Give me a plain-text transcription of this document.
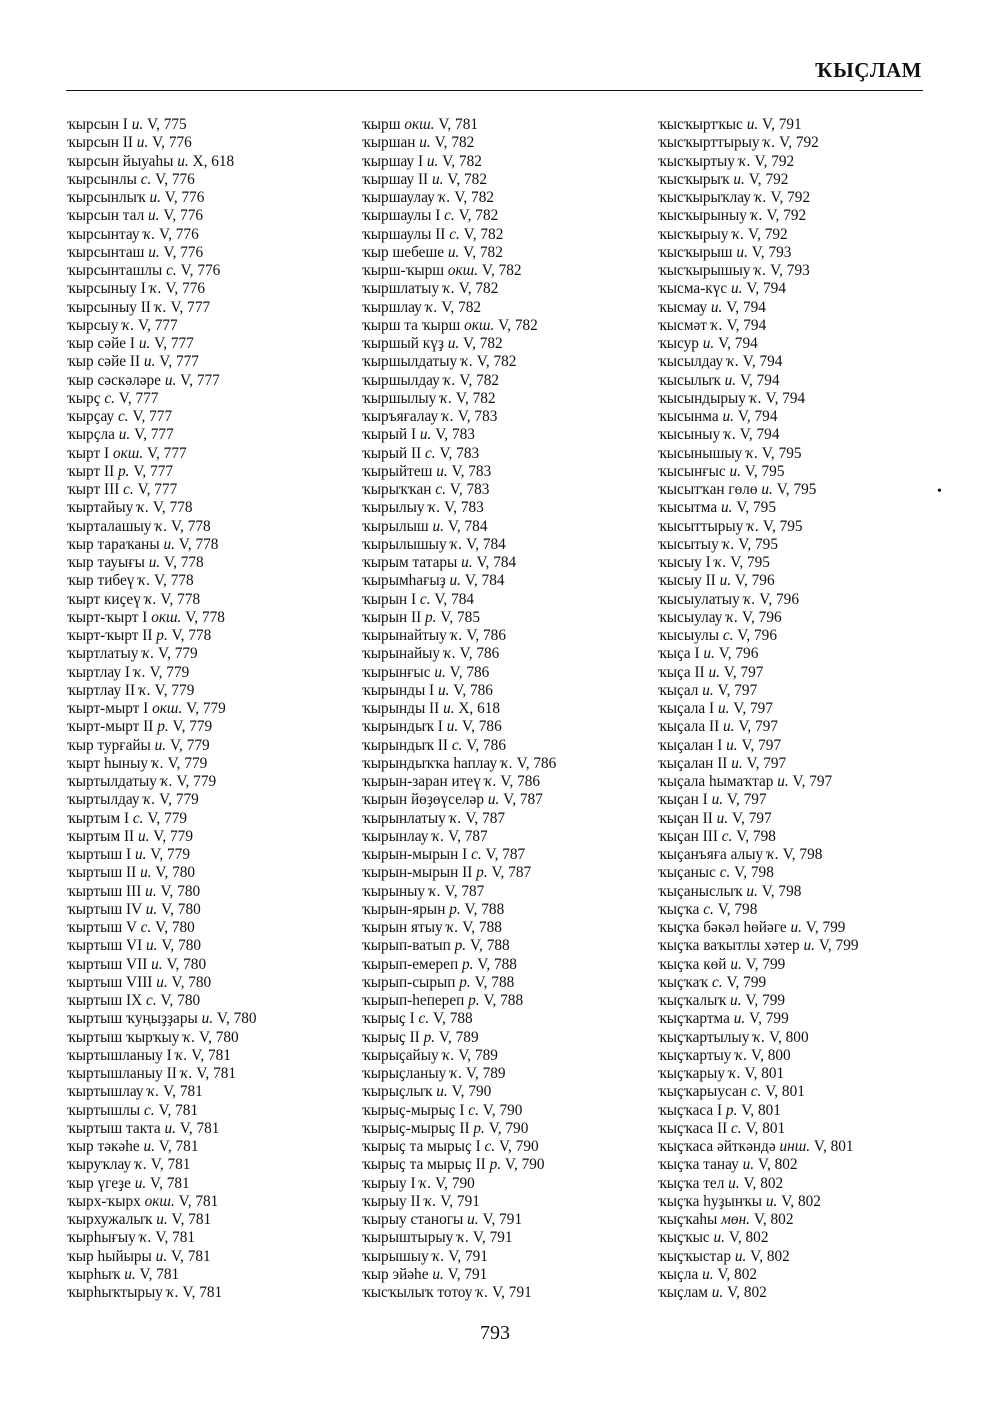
ҠЫҪЛАМ
ҡырсын I и. V, 775
ҡырсын II и. V, 776
ҡырсын йыуаһы и. X, 618
ҡырсынлы с. V, 776
ҡырсынлыҡ и. V, 776
ҡырсын тал и. V, 776
ҡырсынтау ҡ. V, 776
ҡырсынташ и. V, 776
ҡырсынташлы с. V, 776
ҡырсыныу I ҡ. V, 776
ҡырсыныу II ҡ. V, 777
ҡырсыу ҡ. V, 777
ҡыр сәйе I и. V, 777
ҡыр сәйе II и. V, 777
ҡыр сәскәләре и. V, 777
ҡырҫ с. V, 777
ҡырҫау с. V, 777
ҡырҫла и. V, 777
ҡырт I окш. V, 777
ҡырт II р. V, 777
ҡырт III с. V, 777
ҡыртайыу ҡ. V, 778
ҡырталашыу ҡ. V, 778
ҡыр тараҡаны и. V, 778
ҡыр тауығы и. V, 778
ҡыр тибеү ҡ. V, 778
ҡырт киҫеү ҡ. V, 778
ҡырт-ҡырт I окш. V, 778
ҡырт-ҡырт II р. V, 778
ҡыртлатыу ҡ. V, 779
ҡыртлау I ҡ. V, 779
ҡыртлау II ҡ. V, 779
ҡырт-мырт I окш. V, 779
ҡырт-мырт II р. V, 779
ҡыр турғайы и. V, 779
ҡырт һыныу ҡ. V, 779
ҡыртылдатыу ҡ. V, 779
ҡыртылдау ҡ. V, 779
ҡыртым I с. V, 779
ҡыртым II и. V, 779
ҡыртыш I и. V, 779
ҡыртыш II и. V, 780
ҡыртыш III и. V, 780
ҡыртыш IV и. V, 780
ҡыртыш V с. V, 780
ҡыртыш VI и. V, 780
ҡыртыш VII и. V, 780
ҡыртыш VIII и. V, 780
ҡыртыш IX с. V, 780
ҡыртыш ҡуңыҙҙары и. V, 780
ҡыртыш ҡырҡыу ҡ. V, 780
ҡыртышланыу I ҡ. V, 781
ҡыртышланыу II ҡ. V, 781
ҡыртышлау ҡ. V, 781
ҡыртышлы с. V, 781
ҡыртыш такта и. V, 781
ҡыр тәкәһе и. V, 781
ҡыруҡлау ҡ. V, 781
ҡыр үгеҙе и. V, 781
ҡырх-ҡырх окш. V, 781
ҡырхужалыҡ и. V, 781
ҡырһығыу ҡ. V, 781
ҡыр һыйыры и. V, 781
ҡырһыҡ и. V, 781
ҡырһыҡтырыу ҡ. V, 781
ҡырш окш. V, 781
ҡыршан и. V, 782
ҡыршау I и. V, 782
ҡыршау II и. V, 782
ҡыршаулау ҡ. V, 782
ҡыршаулы I с. V, 782
ҡыршаулы II с. V, 782
ҡыр шебеше и. V, 782
ҡырш-ҡырш окш. V, 782
ҡыршлатыу ҡ. V, 782
ҡыршлау ҡ. V, 782
ҡырш та ҡырш окш. V, 782
ҡыршый күҙ и. V, 782
ҡыршылдатыу ҡ. V, 782
ҡыршылдау ҡ. V, 782
ҡыршылыу ҡ. V, 782
ҡыръяғалау ҡ. V, 783
ҡырый I и. V, 783
ҡырый II с. V, 783
ҡырыйтеш и. V, 783
ҡырыҡҡан с. V, 783
ҡырылыу ҡ. V, 783
ҡырылыш и. V, 784
ҡырылышыу ҡ. V, 784
ҡырым татары и. V, 784
ҡырымһағыҙ и. V, 784
ҡырын I с. V, 784
ҡырын II р. V, 785
ҡырынайтыу ҡ. V, 786
ҡырынайыу ҡ. V, 786
ҡырынғыс и. V, 786
ҡырынды I и. V, 786
ҡырынды II и. X, 618
ҡырындыҡ I и. V, 786
ҡырындыҡ II с. V, 786
ҡырындыҡҡа һаплау ҡ. V, 786
ҡырын-заран итеү ҡ. V, 786
ҡырын йөҙөүселәр и. V, 787
ҡырынлатыу ҡ. V, 787
ҡырынлау ҡ. V, 787
ҡырын-мырын I с. V, 787
ҡырын-мырын II р. V, 787
ҡырыныу ҡ. V, 787
ҡырын-ярын р. V, 788
ҡырын ятыу ҡ. V, 788
ҡырып-ватып р. V, 788
ҡырып-емереп р. V, 788
ҡырып-сырып р. V, 788
ҡырып-һепереп р. V, 788
ҡырыҫ I с. V, 788
ҡырыҫ II р. V, 789
ҡырыҫайыу ҡ. V, 789
ҡырыҫланыу ҡ. V, 789
ҡырыҫлыҡ и. V, 790
ҡырыҫ-мырыҫ I с. V, 790
ҡырыҫ-мырыҫ II р. V, 790
ҡырыҫ та мырыҫ I с. V, 790
ҡырыҫ та мырыҫ II р. V, 790
ҡырыу I ҡ. V, 790
ҡырыу II ҡ. V, 791
ҡырыу станогы и. V, 791
ҡырыштырыу ҡ. V, 791
ҡырышыу ҡ. V, 791
ҡыр эйәһе и. V, 791
ҡысҡылыҡ тотоу ҡ. V, 791
ҡысҡыртҡыс и. V, 791
ҡысҡырттырыу ҡ. V, 792
ҡысҡыртыу ҡ. V, 792
ҡысҡырыҡ и. V, 792
ҡысҡырыҡлау ҡ. V, 792
ҡысҡырыныу ҡ. V, 792
ҡысҡырыу ҡ. V, 792
ҡысҡырыш и. V, 793
ҡысҡырышыу ҡ. V, 793
ҡысма-күс и. V, 794
ҡысмау и. V, 794
ҡысмәт ҡ. V, 794
ҡысур и. V, 794
ҡысылдау ҡ. V, 794
ҡысылыҡ и. V, 794
ҡысындырыу ҡ. V, 794
ҡысынма и. V, 794
ҡысыныу ҡ. V, 794
ҡысынышыу ҡ. V, 795
ҡысынғыс и. V, 795
ҡысытҡан гөлө и. V, 795
ҡысытма и. V, 795
ҡысыттырыу ҡ. V, 795
ҡысытыу ҡ. V, 795
ҡысыу I ҡ. V, 795
ҡысыу II и. V, 796
ҡысыулатыу ҡ. V, 796
ҡысыулау ҡ. V, 796
ҡысыулы с. V, 796
ҡыҫа I и. V, 796
ҡыҫа II и. V, 797
ҡыҫал и. V, 797
ҡыҫала I и. V, 797
ҡыҫала II и. V, 797
ҡыҫалан I и. V, 797
ҡыҫалан II и. V, 797
ҡыҫала һымаҡтар и. V, 797
ҡыҫан I и. V, 797
ҡыҫан II и. V, 797
ҡыҫан III с. V, 798
ҡыҫанъяға алыу ҡ. V, 798
ҡыҫаныс с. V, 798
ҡыҫаныслыҡ и. V, 798
ҡыҫҡа с. V, 798
ҡыҫҡа бәкәл һөйәге и. V, 799
ҡыҫҡа ваҡытлы хәтер и. V, 799
ҡыҫҡа көй и. V, 799
ҡыҫҡаҡ с. V, 799
ҡыҫҡалыҡ и. V, 799
ҡыҫҡартма и. V, 799
ҡыҫҡартылыу ҡ. V, 800
ҡыҫҡартыу ҡ. V, 800
ҡыҫҡарыу ҡ. V, 801
ҡыҫҡарыусан с. V, 801
ҡыҫҡаса I р. V, 801
ҡыҫҡаса II с. V, 801
ҡыҫҡаса әйткәндә инш. V, 801
ҡыҫҡа танау и. V, 802
ҡыҫҡа тел и. V, 802
ҡыҫҡа һуҙынҡы и. V, 802
ҡыҫҡаһы мөн. V, 802
ҡыҫҡыс и. V, 802
ҡыҫҡыстар и. V, 802
ҡыҫла и. V, 802
ҡыҫлам и. V, 802
•
793
